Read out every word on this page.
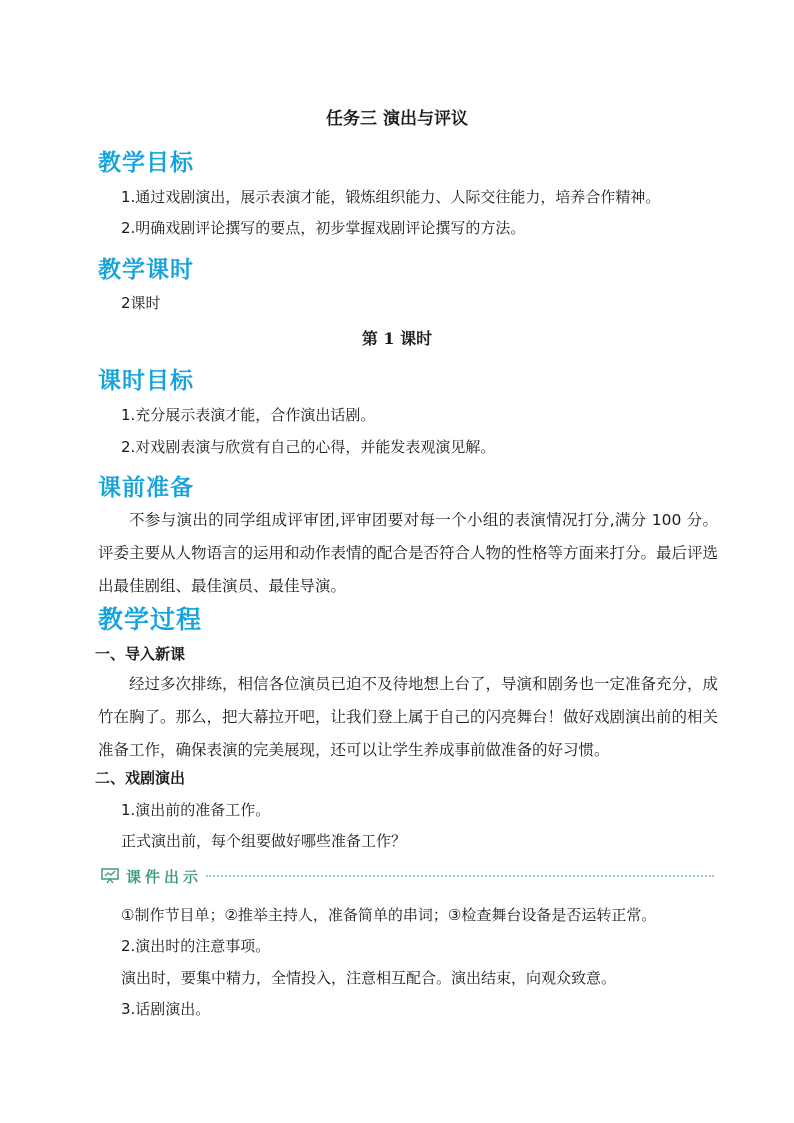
任务三 演出与评议
教学目标
1.通过戏剧演出，展示表演才能，锻炼组织能力、人际交往能力，培养合作精神。
2.明确戏剧评论撰写的要点，初步掌握戏剧评论撰写的方法。
教学课时
2课时
第 1 课时
课时目标
1.充分展示表演才能，合作演出话剧。
2.对戏剧表演与欣赏有自己的心得，并能发表观演见解。
课前准备
不参与演出的同学组成评审团,评审团要对每一个小组的表演情况打分,满分 100 分。评委主要从人物语言的运用和动作表情的配合是否符合人物的性格等方面来打分。最后评选出最佳剧组、最佳演员、最佳导演。
教学过程
一、导入新课
经过多次排练，相信各位演员已迫不及待地想上台了，导演和剧务也一定准备充分，成竹在胸了。那么，把大幕拉开吧，让我们登上属于自己的闪亮舞台！做好戏剧演出前的相关准备工作，确保表演的完美展现，还可以让学生养成事前做准备的好习惯。
二、戏剧演出
1.演出前的准备工作。
正式演出前，每个组要做好哪些准备工作？
课件出示
①制作节目单；②推举主持人，准备简单的串词；③检查舞台设备是否运转正常。
2.演出时的注意事项。
演出时，要集中精力，全情投入，注意相互配合。演出结束，向观众致意。
3.话剧演出。
